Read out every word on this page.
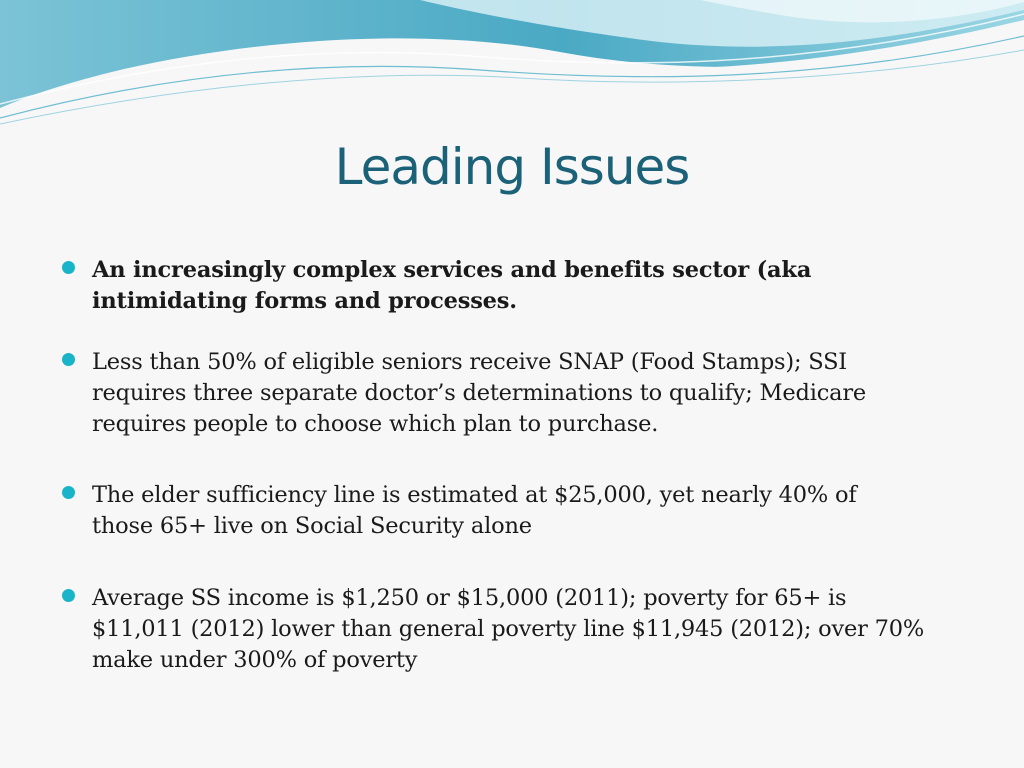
Leading Issues
An increasingly complex services and benefits sector (aka
intimidating forms and processes.
Less than 50% of eligible seniors receive SNAP (Food Stamps); SSI
requires three separate doctor’s determinations to qualify; Medicare
requires people to choose which plan to purchase.
The elder sufficiency line is estimated at $25,000, yet nearly 40% of
those 65+ live on Social Security alone
Average SS income is $1,250 or $15,000 (2011); poverty for 65+ is
$11,011 (2012) lower than general poverty line $11,945 (2012); over 70%
make under 300% of poverty
